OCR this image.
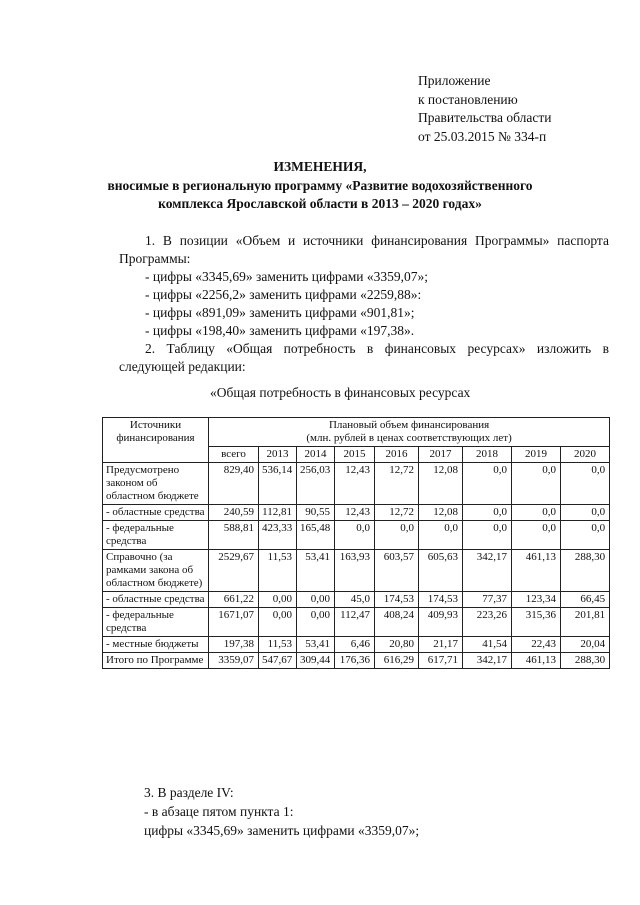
Приложение
к постановлению
Правительства области
от 25.03.2015 № 334-п
ИЗМЕНЕНИЯ,
вносимые в региональную программу «Развитие водохозяйственного
комплекса Ярославской области в 2013 – 2020 годах»

1. В позиции «Объем и источники финансирования Программы» паспорта Программы:

- цифры «3345,69» заменить цифрами «3359,07»;

- цифры «2256,2» заменить цифрами «2259,88»:

- цифры «891,09» заменить цифрами «901,81»;

- цифры «198,40» заменить цифрами «197,38».

2. Таблицу «Общая потребность в финансовых ресурсах» изложить в следующей редакции:

«Общая потребность в финансовых ресурсах
Источники финансирования	Плановый объем финансирования
(млн. рублей в ценах соответствующих лет)								

	всего	2013	2014	2015	2016	2017	2018	2019	2020
Предусмотрено законом об областном бюджете	829,40	536,14	256,03	12,43	12,72	12,08	0,0	0,0	0,0
- областные средства	240,59	112,81	90,55	12,43	12,72	12,08	0,0	0,0	0,0
- федеральные средства	588,81	423,33	165,48	0,0	0,0	0,0	0,0	0,0	0,0
Справочно (за рамками закона об областном бюджете)	2529,67	11,53	53,41	163,93	603,57	605,63	342,17	461,13	288,30
- областные средства	661,22	0,00	0,00	45,0	174,53	174,53	77,37	123,34	66,45
- федеральные средства	1671,07	0,00	0,00	112,47	408,24	409,93	223,26	315,36	201,81
- местные бюджеты	197,38	11,53	53,41	6,46	20,80	21,17	41,54	22,43	20,04
Итого по Программе	3359,07	547,67	309,44	176,36	616,29	617,71	342,17	461,13	288,30
3. В разделе IV:
- в абзаце пятом пункта 1:
цифры «3345,69» заменить цифрами «3359,07»;
